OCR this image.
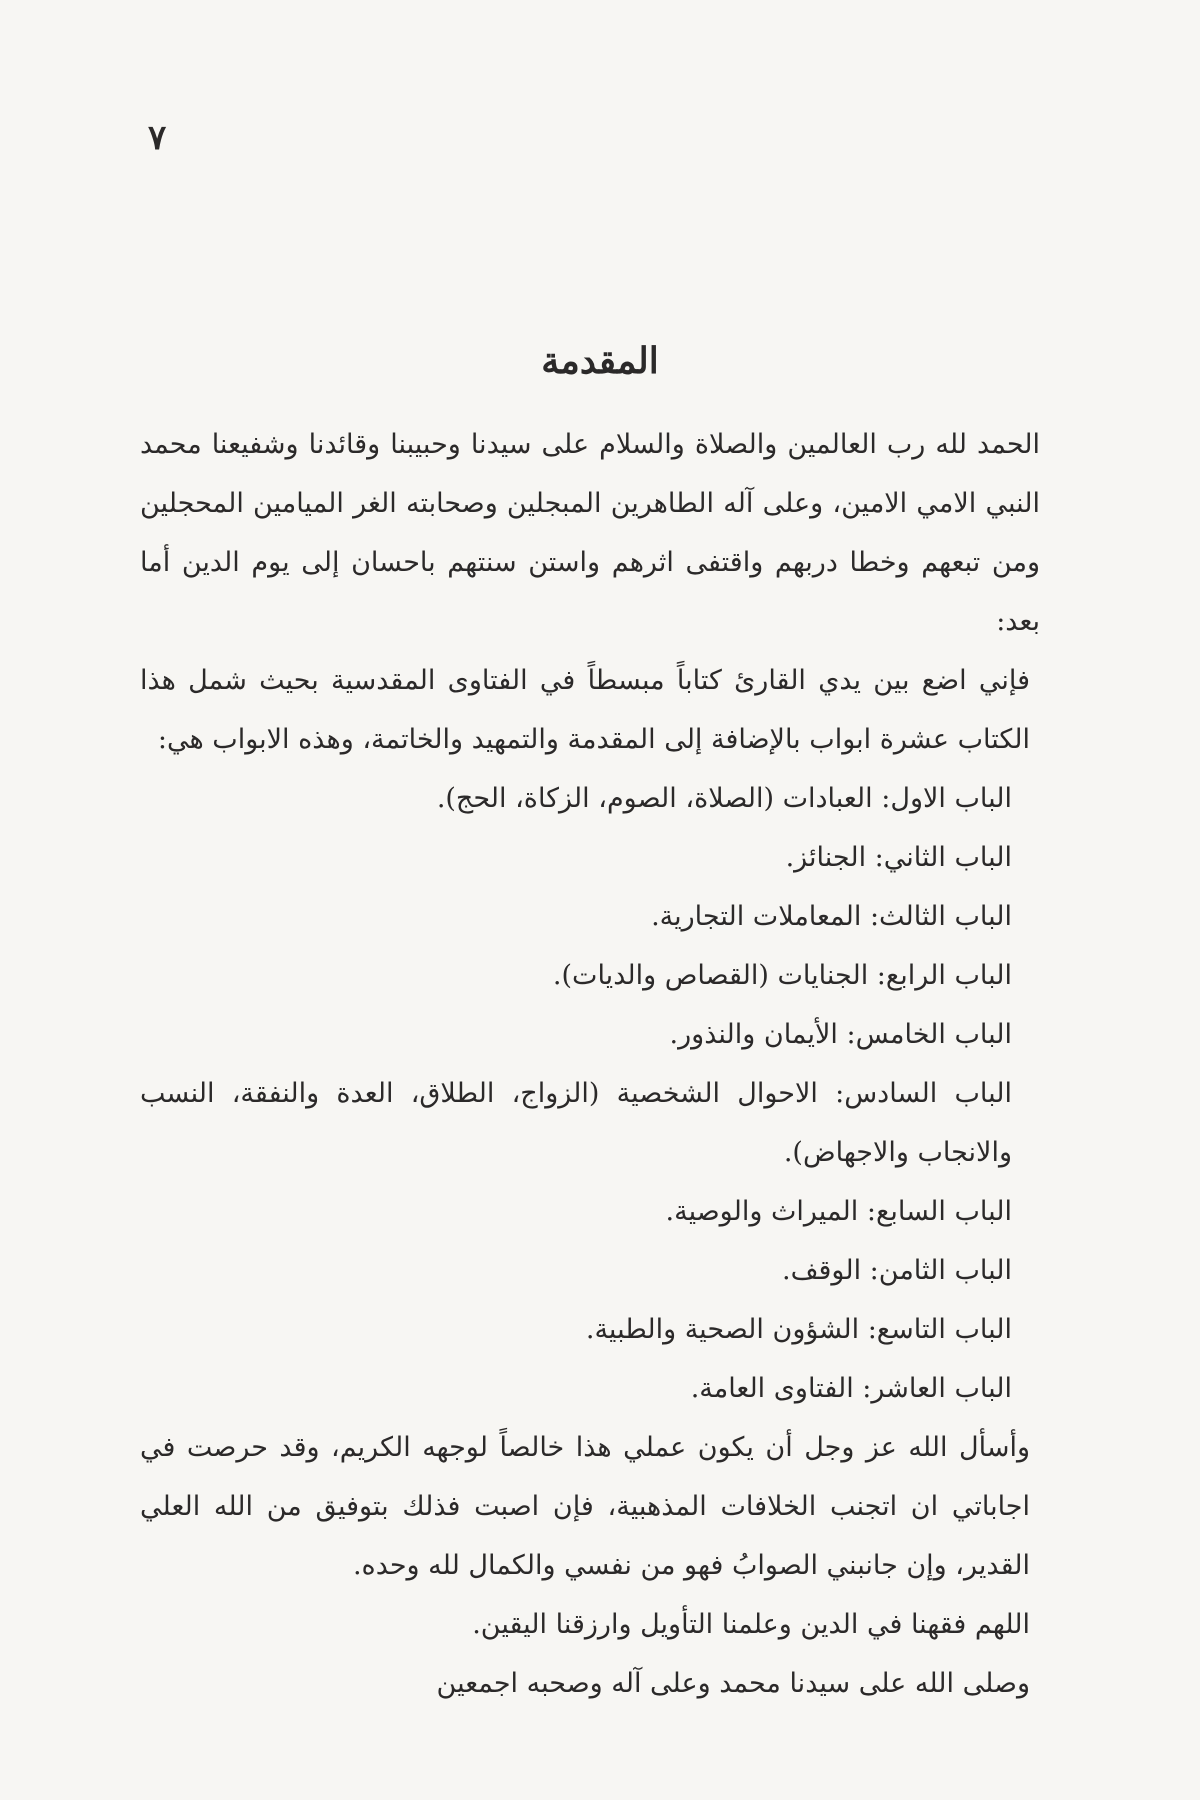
٧
المقدمة

الحمد لله رب العالمين والصلاة والسلام على سيدنا وحبيبنا وقائدنا وشفيعنا محمد النبي الامي الامين، وعلى آله الطاهرين المبجلين وصحابته الغر الميامين المحجلين ومن تبعهم وخطا دربهم واقتفى اثرهم واستن سنتهم باحسان إلى يوم الدين أما بعد:

فإني اضع بين يدي القارئ كتاباً مبسطاً في الفتاوى المقدسية بحيث شمل هذا الكتاب عشرة ابواب بالإضافة إلى المقدمة والتمهيد والخاتمة، وهذه الابواب هي:

الباب الاول: العبادات (الصلاة، الصوم، الزكاة، الحج).
الباب الثاني: الجنائز.
الباب الثالث: المعاملات التجارية.
الباب الرابع: الجنايات (القصاص والديات).
الباب الخامس: الأيمان والنذور.
الباب السادس: الاحوال الشخصية (الزواج، الطلاق، العدة والنفقة، النسب والانجاب والاجهاض).
الباب السابع: الميراث والوصية.
الباب الثامن: الوقف.
الباب التاسع: الشؤون الصحية والطبية.
الباب العاشر: الفتاوى العامة.

وأسأل الله عز وجل أن يكون عملي هذا خالصاً لوجهه الكريم، وقد حرصت في اجاباتي ان اتجنب الخلافات المذهبية، فإن اصبت فذلك بتوفيق من الله العلي القدير، وإن جانبني الصوابُ فهو من نفسي والكمال لله وحده.

اللهم فقهنا في الدين وعلمنا التأويل وارزقنا اليقين.

وصلى الله على سيدنا محمد وعلى آله وصحبه اجمعين
